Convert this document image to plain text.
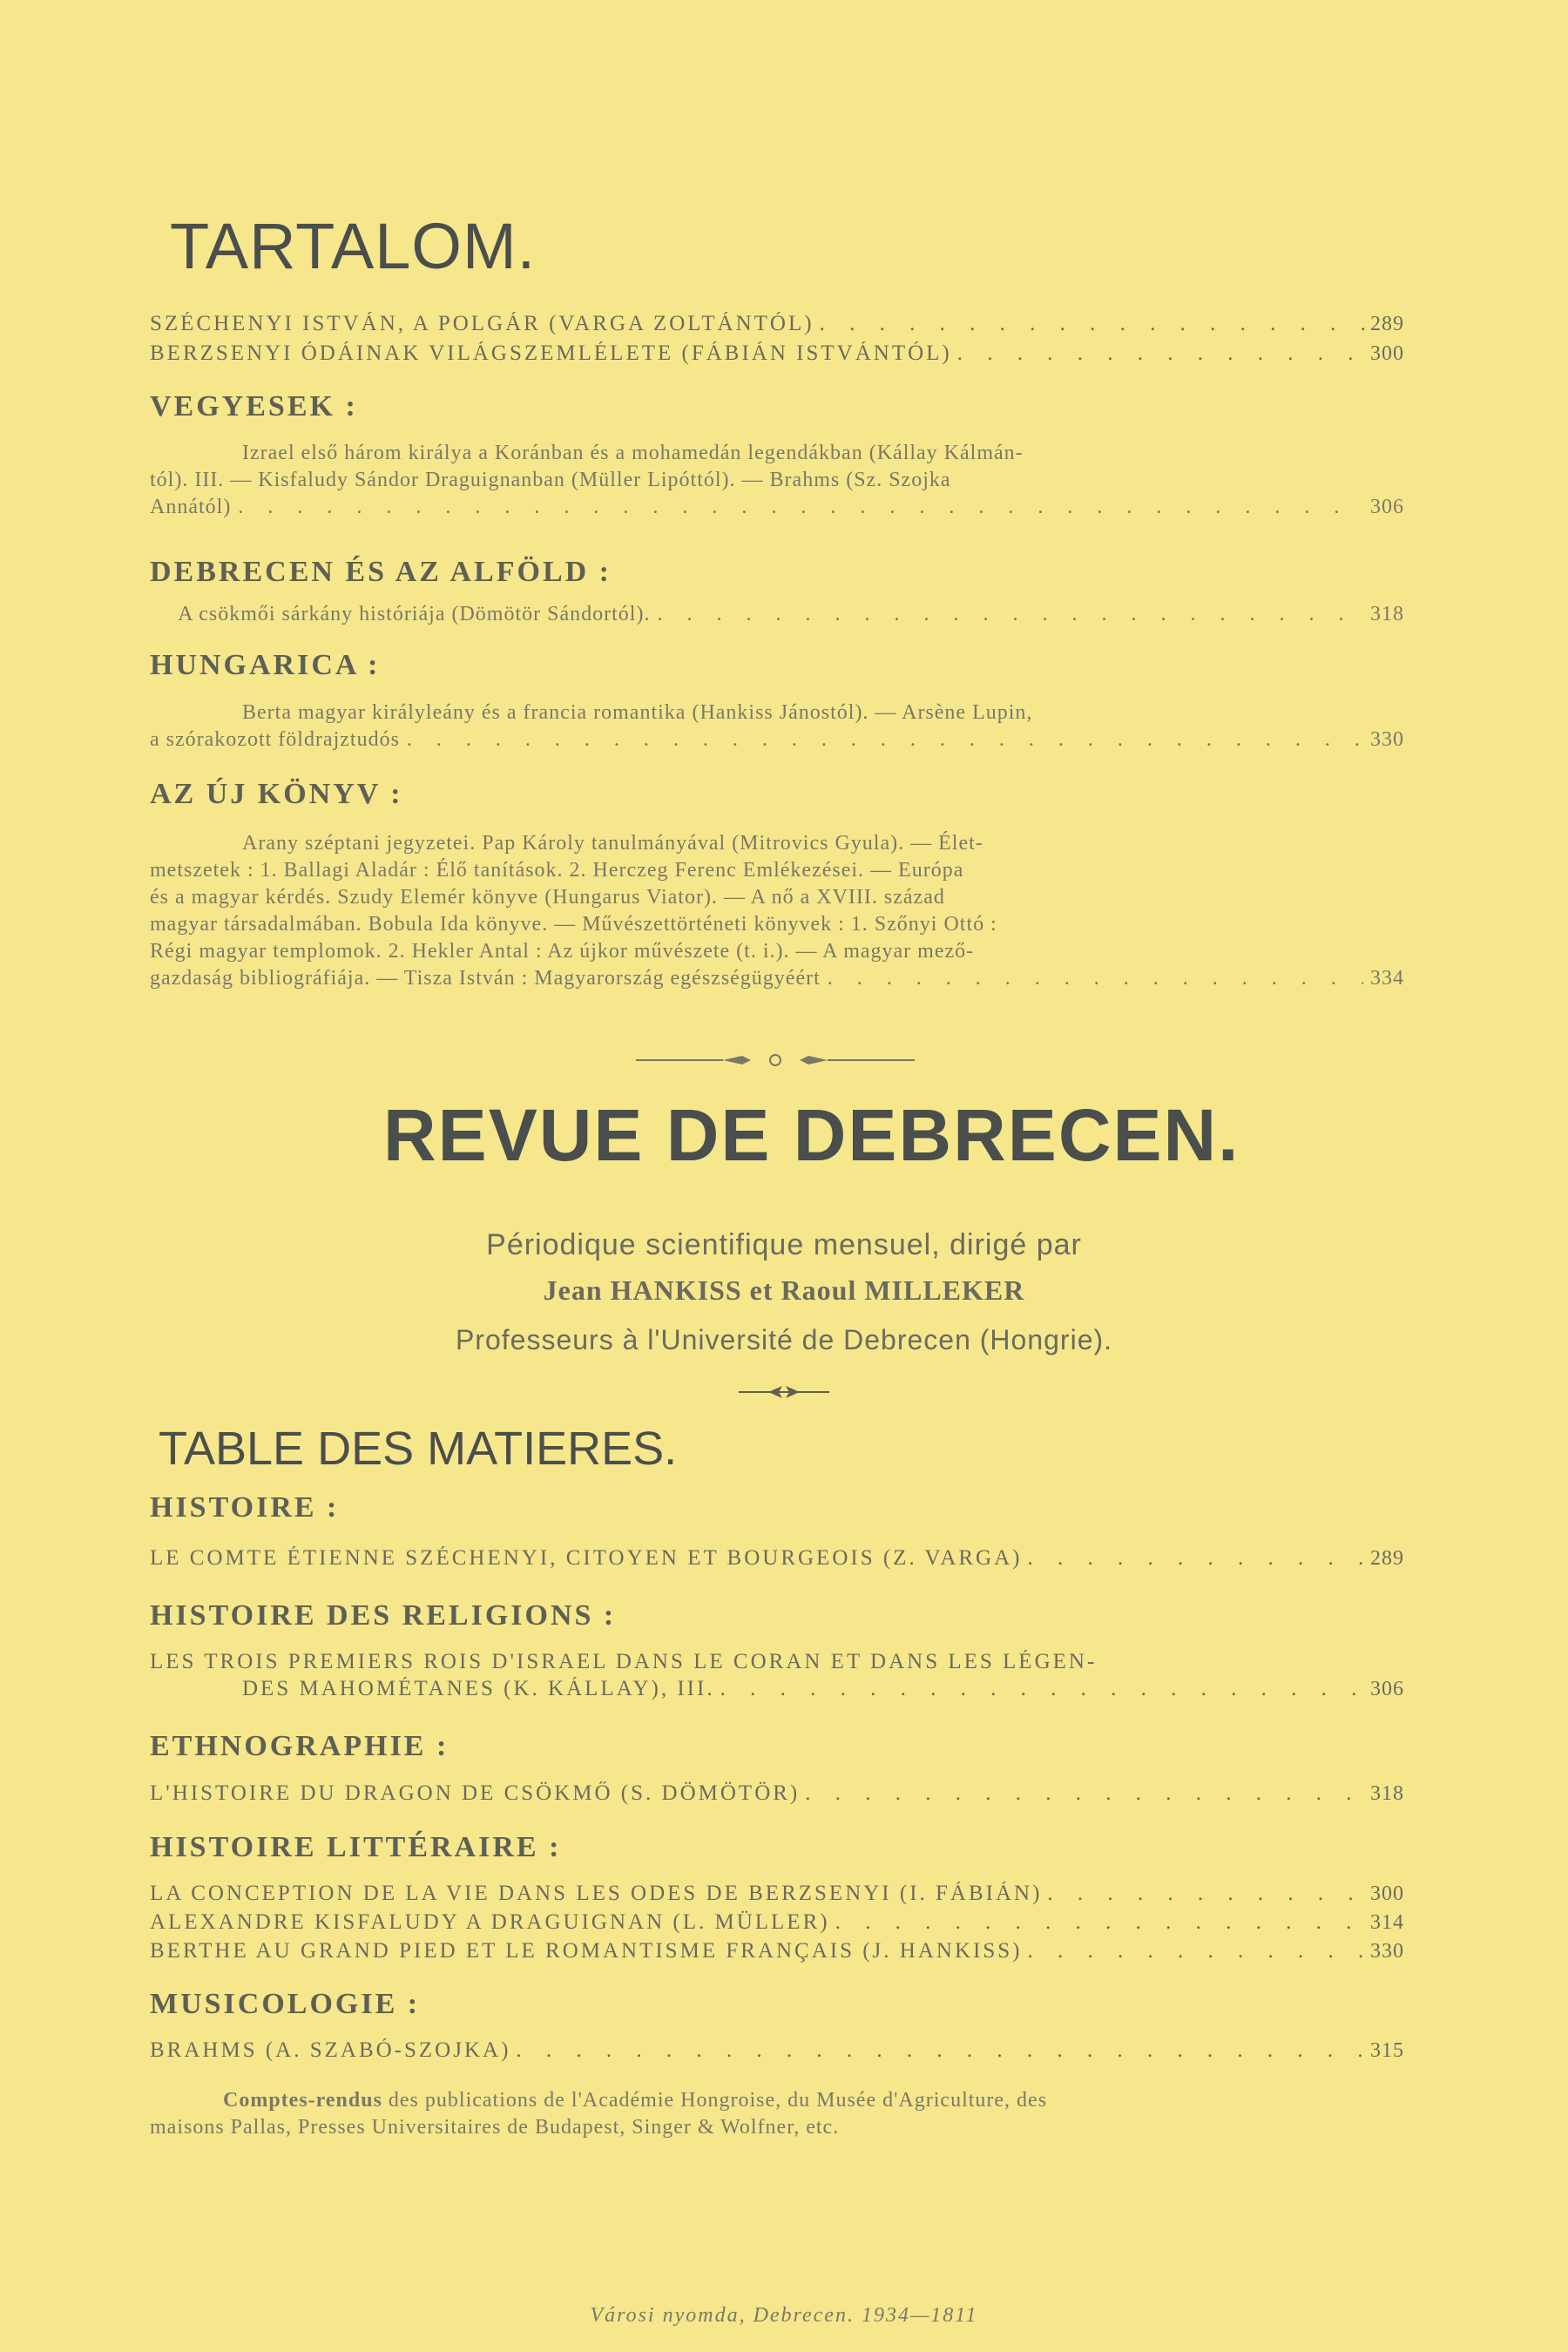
TARTALOM.
SZÉCHENYI ISTVÁN, A POLGÁR (VARGA ZOLTÁNTÓL) . . .	289
BERZSENYI ÓDÁINAK VILÁGSZEMLÉLETE (FÁBIÁN ISTVÁNTÓL) . . .	300
VEGYESEK :
Izrael első három királya a Koránban és a mohamedán legendákban (Kállay Kálmán-
tól). III. — Kisfaludy Sándor Draguignanban (Müller Lipóttól). — Brahms (Sz. Szojka
Annától) . . .	306
DEBRECEN ÉS AZ ALFÖLD :
A csökmői sárkány históriája (Dömötör Sándortól). . . .	318
HUNGARICA :
Berta magyar királyleány és a francia romantika (Hankiss Jánostól). — Arsène Lupin,
a szórakozott földrajztudós . . .	330
AZ ÚJ KÖNYV :
Arany széptani jegyzetei. Pap Károly tanulmányával (Mitrovics Gyula). — Élet-
metszetek : 1. Ballagi Aladár : Élő tanítások. 2. Herczeg Ferenc Emlékezései. — Európa
és a magyar kérdés. Szudy Elemér könyve (Hungarus Viator). — A nő a XVIII. század
magyar társadalmában. Bobula Ida könyve. — Művészettörténeti könyvek : 1. Szőnyi Ottó :
Régi magyar templomok. 2. Hekler Antal : Az újkor művészete (t. i.). — A magyar mező-
gazdaság bibliográfiája. — Tisza István : Magyarország egészségügyéért . . .	334
REVUE DE DEBRECEN.
Périodique scientifique mensuel, dirigé par
Jean HANKISS et Raoul MILLEKER
Professeurs à l'Université de Debrecen (Hongrie).
TABLE DES MATIERES.
HISTOIRE :
LE COMTE ÉTIENNE SZÉCHENYI, CITOYEN ET BOURGEOIS (Z. VARGA) . . .	289
HISTOIRE DES RELIGIONS :
LES TROIS PREMIERS ROIS D'ISRAEL DANS LE CORAN ET DANS LES LÉGEN-
DES MAHOMÉTANES (K. KÁLLAY), III. . . .	306
ETHNOGRAPHIE :
L'HISTOIRE DU DRAGON DE CSÖKMŐ (S. DÖMÖTÖR) . . .	318
HISTOIRE LITTÉRAIRE :
LA CONCEPTION DE LA VIE DANS LES ODES DE BERZSENYI (I. FÁBIÁN) . . .	300
ALEXANDRE KISFALUDY A DRAGUIGNAN (L. MÜLLER) . . .	314
BERTHE AU GRAND PIED ET LE ROMANTISME FRANÇAIS (J. HANKISS) . . .	330
MUSICOLOGIE :
BRAHMS (A. SZABÓ-SZOJKA) . . .	315
Comptes-rendus des publications de l'Académie Hongroise, du Musée d'Agriculture, des
maisons Pallas, Presses Universitaires de Budapest, Singer & Wolfner, etc.
Városi nyomda, Debrecen. 1934—1811
